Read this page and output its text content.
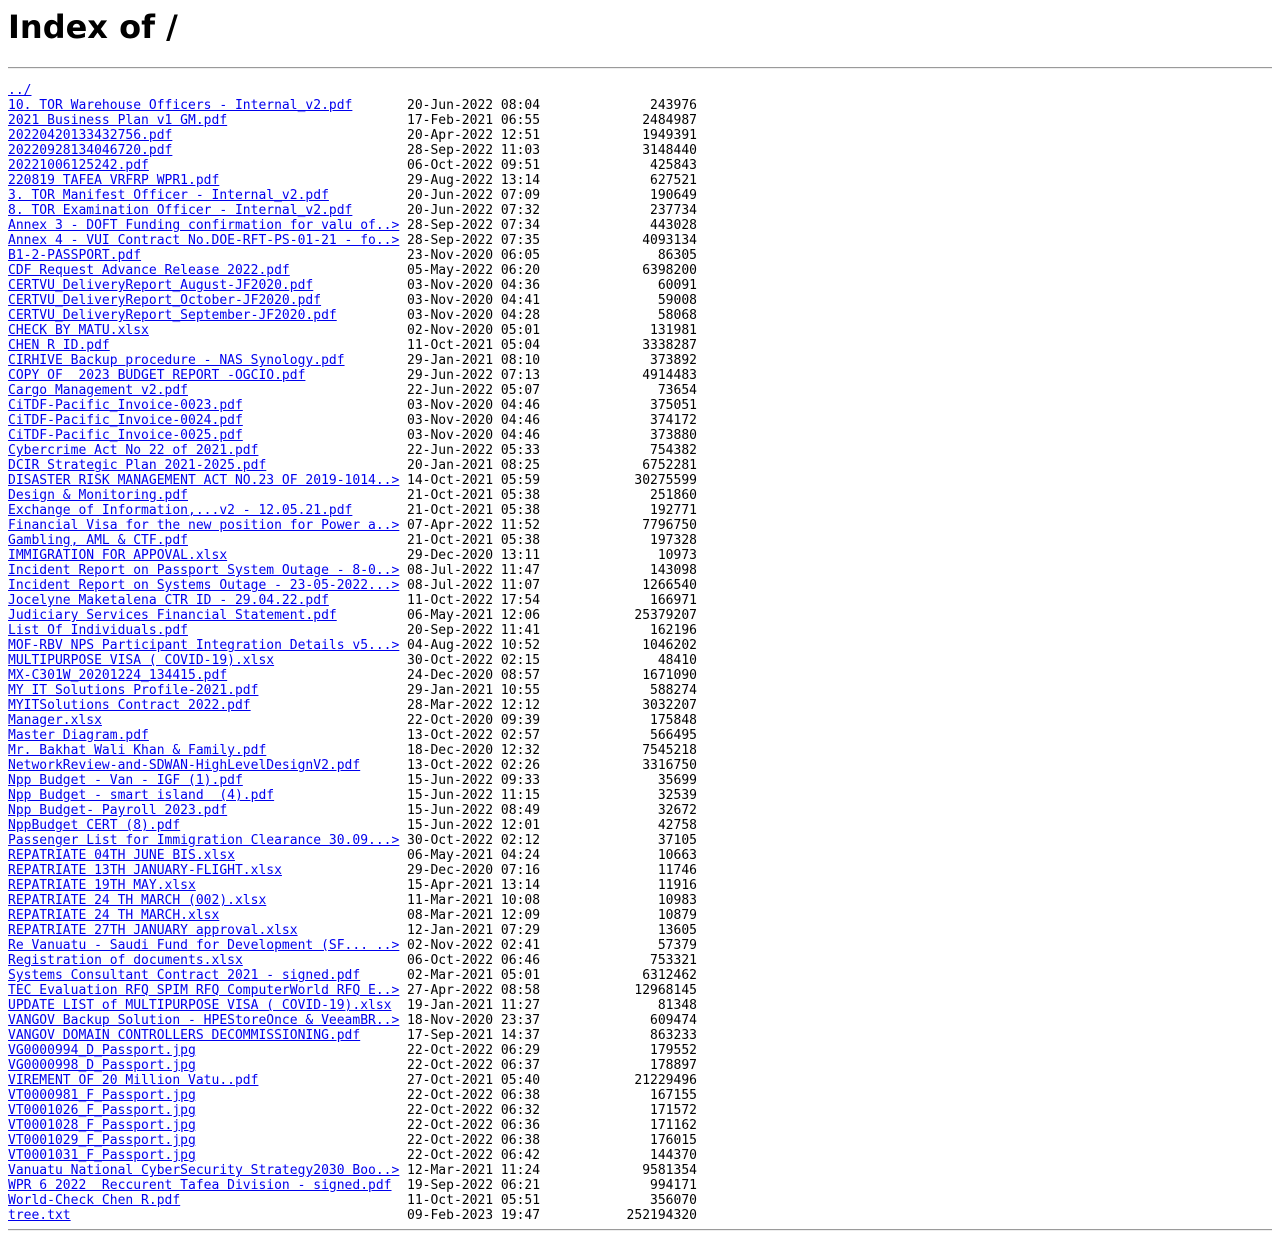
Index of /
../
10. TOR Warehouse Officers - Internal_v2.pdf	20-Jun-2022 08:04	243976
2021 Business Plan v1 GM.pdf	17-Feb-2021 06:55	2484987
20220420133432756.pdf	20-Apr-2022 12:51	1949391
20220928134046720.pdf	28-Sep-2022 11:03	3148440
20221006125242.pdf	06-Oct-2022 09:51	425843
220819 TAFEA VRFRP WPR1.pdf	29-Aug-2022 13:14	627521
3. TOR Manifest Officer - Internal_v2.pdf	20-Jun-2022 07:09	190649
8. TOR Examination Officer - Internal_v2.pdf	20-Jun-2022 07:32	237734
Annex 3 - DOFT Funding confirmation for valu of..> 28-Sep-2022 07:34	443028
Annex 4 - VUI Contract No.DOE-RFT-PS-01-21 - fo..> 28-Sep-2022 07:35	4093134
B1-2-PASSPORT.pdf	23-Nov-2020 06:05	86305
CDF Request Advance Release 2022.pdf	05-May-2022 06:20	6398200
CERTVU_DeliveryReport_August-JF2020.pdf	03-Nov-2020 04:36	60091
CERTVU_DeliveryReport_October-JF2020.pdf	03-Nov-2020 04:41	59008
CERTVU_DeliveryReport_September-JF2020.pdf	03-Nov-2020 04:28	58068
CHECK BY MATU.xlsx	02-Nov-2020 05:01	131981
CHEN R ID.pdf	11-Oct-2021 05:04	3338287
CIRHIVE Backup procedure - NAS Synology.pdf	29-Jan-2021 08:10	373892
COPY OF  2023 BUDGET REPORT -OGCIO.pdf	29-Jun-2022 07:13	4914483
Cargo Management v2.pdf	22-Jun-2022 05:07	73654
CiTDF-Pacific_Invoice-0023.pdf	03-Nov-2020 04:46	375051
CiTDF-Pacific_Invoice-0024.pdf	03-Nov-2020 04:46	374172
CiTDF-Pacific_Invoice-0025.pdf	03-Nov-2020 04:46	373880
Cybercrime Act No 22 of 2021.pdf	22-Jun-2022 05:33	754382
DCIR Strategic Plan 2021-2025.pdf	20-Jan-2021 08:25	6752281
DISASTER RISK MANAGEMENT ACT NO.23 OF 2019-1014..> 14-Oct-2021 05:59	30275599
Design & Monitoring.pdf	21-Oct-2021 05:38	251860
Exchange of Information,...v2 - 12.05.21.pdf	21-Oct-2021 05:38	192771
Financial Visa for the new position for Power a..> 07-Apr-2022 11:52	7796750
Gambling, AML & CTF.pdf	21-Oct-2021 05:38	197328
IMMIGRATION FOR APPOVAL.xlsx	29-Dec-2020 13:11	10973
Incident Report on Passport System Outage - 8-0..> 08-Jul-2022 11:47	143098
Incident Report on Systems Outage - 23-05-2022...> 08-Jul-2022 11:07	1266540
Jocelyne Maketalena CTR ID - 29.04.22.pdf	11-Oct-2022 17:54	166971
Judiciary Services Financial Statement.pdf	06-May-2021 12:06	25379207
List Of Individuals.pdf	20-Sep-2022 11:41	162196
MOF-RBV NPS Participant Integration Details v5...> 04-Aug-2022 10:52	1046202
MULTIPURPOSE VISA ( COVID-19).xlsx	30-Oct-2022 02:15	48410
MX-C301W_20201224_134415.pdf	24-Dec-2020 08:57	1671090
MY IT Solutions Profile-2021.pdf	29-Jan-2021 10:55	588274
MYITSolutions Contract 2022.pdf	28-Mar-2022 12:12	3032207
Manager.xlsx	22-Oct-2020 09:39	175848
Master Diagram.pdf	13-Oct-2022 02:57	566495
Mr. Bakhat Wali Khan & Family.pdf	18-Dec-2020 12:32	7545218
NetworkReview-and-SDWAN-HighLevelDesignV2.pdf	13-Oct-2022 02:26	3316750
Npp Budget - Van - IGF (1).pdf	15-Jun-2022 09:33	35699
Npp Budget - smart island  (4).pdf	15-Jun-2022 11:15	32539
Npp Budget- Payroll 2023.pdf	15-Jun-2022 08:49	32672
NppBudget CERT (8).pdf	15-Jun-2022 12:01	42758
Passenger List for Immigration Clearance 30.09...> 30-Oct-2022 02:12	37105
REPATRIATE 04TH JUNE BIS.xlsx	06-May-2021 04:24	10663
REPATRIATE 13TH JANUARY-FLIGHT.xlsx	29-Dec-2020 07:16	11746
REPATRIATE 19TH MAY.xlsx	15-Apr-2021 13:14	11916
REPATRIATE 24 TH MARCH (002).xlsx	11-Mar-2021 10:08	10983
REPATRIATE 24 TH MARCH.xlsx	08-Mar-2021 12:09	10879
REPATRIATE 27TH JANUARY approval.xlsx	12-Jan-2021 07:29	13605
Re Vanuatu - Saudi Fund for Development (SF... ..> 02-Nov-2022 02:41	57379
Registration of documents.xlsx	06-Oct-2022 06:46	753321
Systems Consultant Contract 2021 - signed.pdf	02-Mar-2021 05:01	6312462
TEC Evaluation RFQ SPIM RFQ ComputerWorld RFQ E..> 27-Apr-2022 08:58	12968145
UPDATE LIST of MULTIPURPOSE VISA ( COVID-19).xlsx 19-Jan-2021 11:27	81348
VANGOV Backup Solution - HPEStoreOnce & VeeamBR..> 18-Nov-2020 23:37	609474
VANGOV DOMAIN CONTROLLERS DECOMMISSIONING.pdf	17-Sep-2021 14:37	863233
VG0000994_D_Passport.jpg	22-Oct-2022 06:29	179552
VG0000998_D_Passport.jpg	22-Oct-2022 06:37	178897
VIREMENT OF 20 Million Vatu..pdf	27-Oct-2021 05:40	21229496
VT0000981_F_Passport.jpg	22-Oct-2022 06:38	167155
VT0001026_F_Passport.jpg	22-Oct-2022 06:32	171572
VT0001028_F_Passport.jpg	22-Oct-2022 06:36	171162
VT0001029_F_Passport.jpg	22-Oct-2022 06:38	176015
VT0001031_F_Passport.jpg	22-Oct-2022 06:42	144370
Vanuatu National CyberSecurity Strategy2030 Boo..> 12-Mar-2021 11:24	9581354
WPR 6 2022  Reccurent Tafea Division - signed.pdf 19-Sep-2022 06:21	994171
World-Check Chen R.pdf	11-Oct-2021 05:51	356070
tree.txt	09-Feb-2023 19:47	252194320
